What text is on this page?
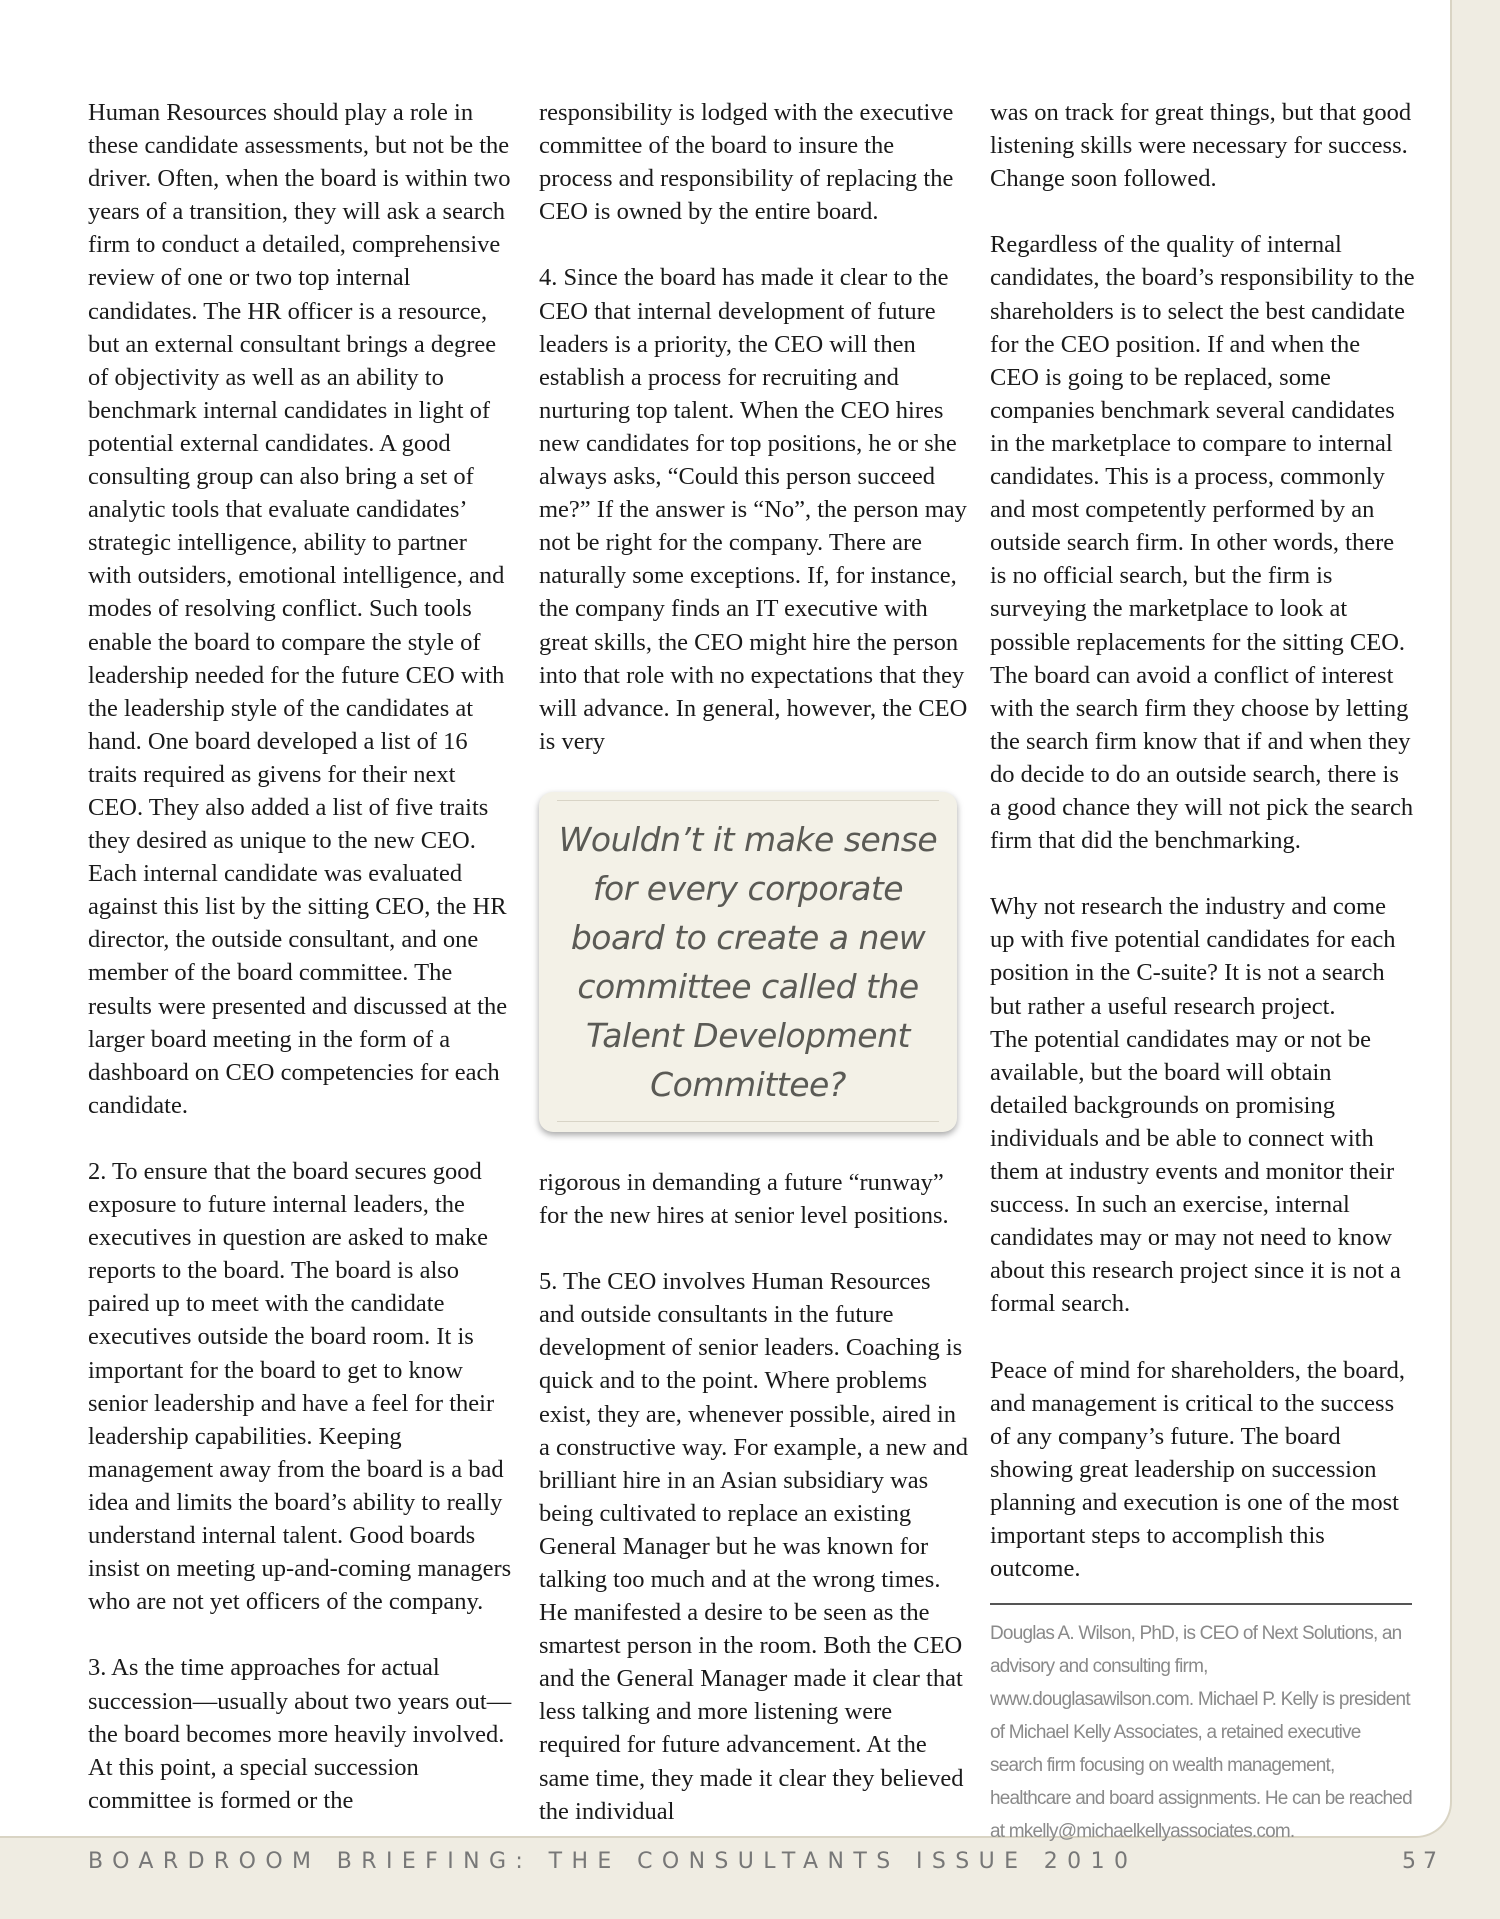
Human Resources should play a role in these candidate assessments, but not be the driver. Often, when the board is within two years of a transition, they will ask a search firm to conduct a detailed, comprehensive review of one or two top internal candidates. The HR officer is a resource, but an external consultant brings a degree of objectivity as well as an ability to benchmark internal candidates in light of potential external candidates. A good consulting group can also bring a set of analytic tools that evaluate candidates’ strategic intelligence, ability to partner with outsiders, emotional intelligence, and modes of resolving conflict. Such tools enable the board to compare the style of leadership needed for the future CEO with the leadership style of the candidates at hand. One board developed a list of 16 traits required as givens for their next CEO. They also added a list of five traits they desired as unique to the new CEO. Each internal candidate was evaluated against this list by the sitting CEO, the HR director, the outside consultant, and one member of the board committee. The results were presented and discussed at the larger board meeting in the form of a dashboard on CEO competencies for each candidate.

2. To ensure that the board secures good exposure to future internal leaders, the executives in question are asked to make reports to the board. The board is also paired up to meet with the candidate executives outside the board room. It is important for the board to get to know senior leadership and have a feel for their leadership capabilities. Keeping management away from the board is a bad idea and limits the board’s ability to really understand internal talent. Good boards insist on meeting up-and-coming managers who are not yet officers of the company.

3. As the time approaches for actual succession—usually about two years out—the board becomes more heavily involved. At this point, a special succession committee is formed or the

responsibility is lodged with the executive committee of the board to insure the process and responsibility of replacing the CEO is owned by the entire board.

4. Since the board has made it clear to the CEO that internal development of future leaders is a priority, the CEO will then establish a process for recruiting and nurturing top talent. When the CEO hires new candidates for top positions, he or she always asks, “Could this person succeed me?” If the answer is “No”, the person may not be right for the company. There are naturally some exceptions. If, for instance, the company finds an IT executive with great skills, the CEO might hire the person into that role with no expectations that they will advance. In general, however, the CEO is very

Wouldn’t it make sense for every corporate board to create a new committee called the Talent Development Committee?

rigorous in demanding a future “runway” for the new hires at senior level positions.

5. The CEO involves Human Resources and outside consultants in the future development of senior leaders. Coaching is quick and to the point. Where problems exist, they are, whenever possible, aired in a constructive way. For example, a new and brilliant hire in an Asian subsidiary was being cultivated to replace an existing General Manager but he was known for talking too much and at the wrong times. He manifested a desire to be seen as the smartest person in the room. Both the CEO and the General Manager made it clear that less talking and more listening were required for future advancement. At the same time, they made it clear they believed the individual

was on track for great things, but that good listening skills were necessary for success. Change soon followed.

Regardless of the quality of internal candidates, the board’s responsibility to the shareholders is to select the best candidate for the CEO position. If and when the CEO is going to be replaced, some companies benchmark several candidates in the marketplace to compare to internal candidates. This is a process, commonly and most competently performed by an outside search firm. In other words, there is no official search, but the firm is surveying the marketplace to look at possible replacements for the sitting CEO. The board can avoid a conflict of interest with the search firm they choose by letting the search firm know that if and when they do decide to do an outside search, there is a good chance they will not pick the search firm that did the benchmarking.

Why not research the industry and come up with five potential candidates for each position in the C-suite? It is not a search but rather a useful research project.

The potential candidates may or not be available, but the board will obtain detailed backgrounds on promising individuals and be able to connect with them at industry events and monitor their success. In such an exercise, internal candidates may or may not need to know about this research project since it is not a formal search.

Peace of mind for shareholders, the board, and management is critical to the success of any company’s future. The board showing great leadership on succession planning and execution is one of the most important steps to accomplish this outcome.

Douglas A. Wilson, PhD, is CEO of Next Solutions, an advisory and consulting firm, www.douglasawilson.com. Michael P. Kelly is president of Michael Kelly Associates, a retained executive search firm focusing on wealth management, healthcare and board assignments. He can be reached at mkelly@michaelkellyassociates.com.
BOARDROOM BRIEFING: THE CONSULTANTS ISSUE 2010	57
